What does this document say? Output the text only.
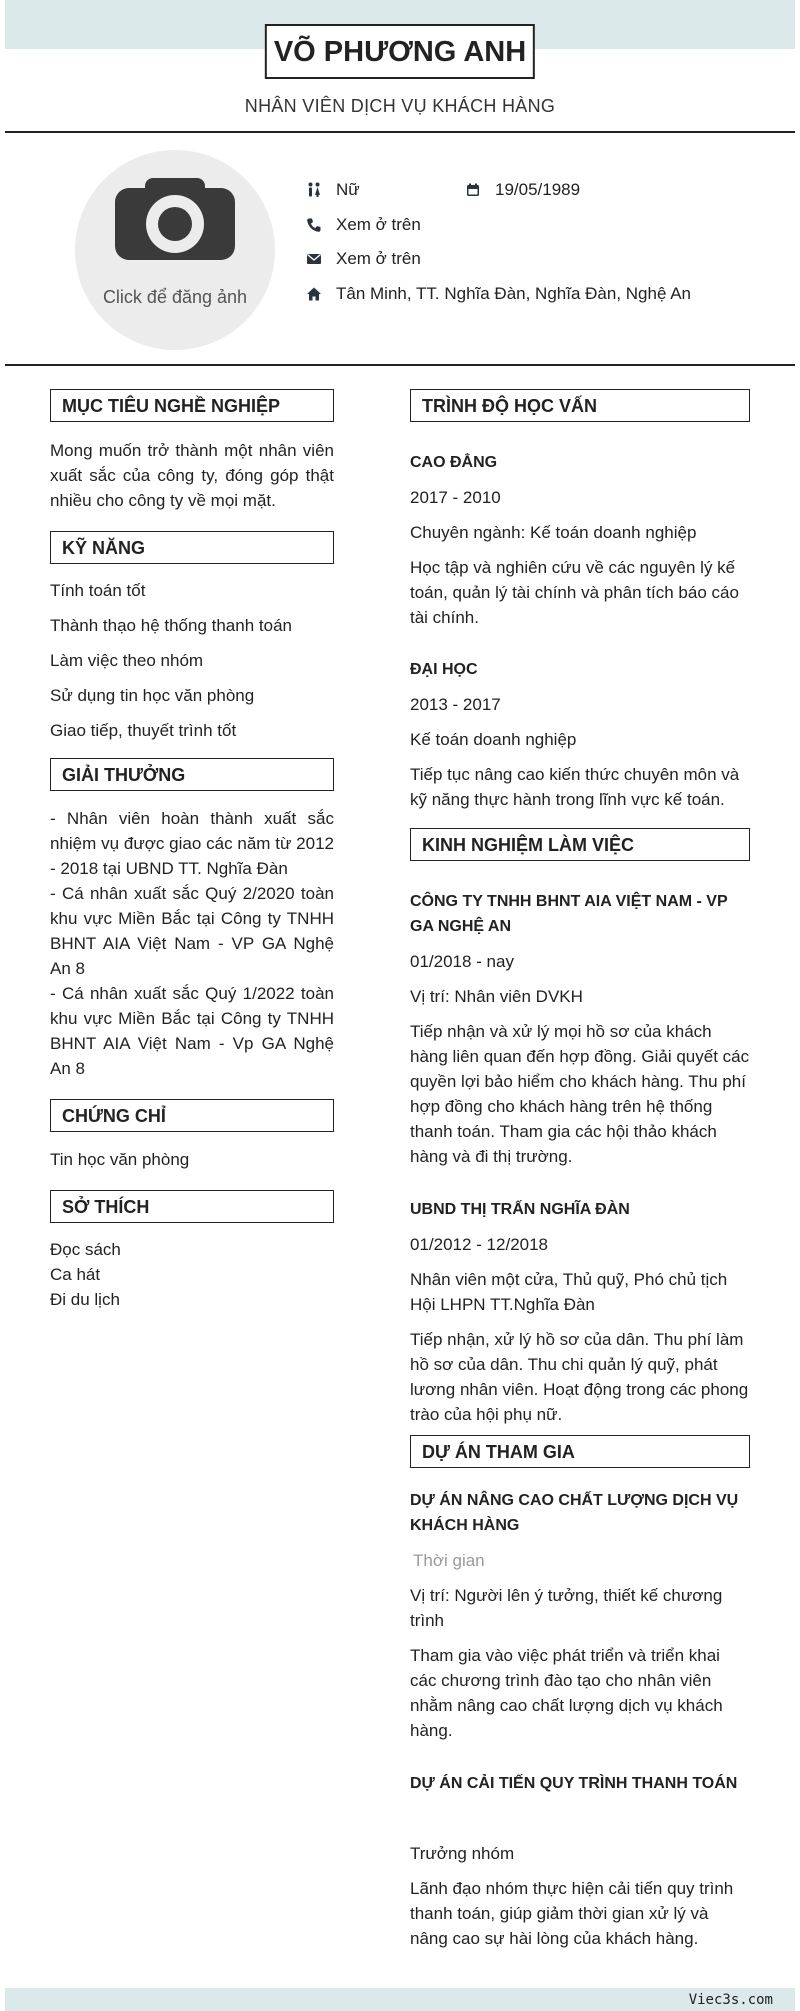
VÕ PHƯƠNG ANH
NHÂN VIÊN DỊCH VỤ KHÁCH HÀNG
Click để đăng ảnh
Nữ	19/05/1989
Xem ở trên
Xem ở trên
Tân Minh, TT. Nghĩa Đàn, Nghĩa Đàn, Nghệ An
MỤC TIÊU NGHỀ NGHIỆP
Mong muốn trở thành một nhân viên xuất sắc của công ty, đóng góp thật nhiều cho công ty về mọi mặt.
KỸ NĂNG
Tính toán tốt
Thành thạo hệ thống thanh toán
Làm việc theo nhóm
Sử dụng tin học văn phòng
Giao tiếp, thuyết trình tốt
GIẢI THƯỞNG
- Nhân viên hoàn thành xuất sắc nhiệm vụ được giao các năm từ 2012 - 2018 tại UBND TT. Nghĩa Đàn
- Cá nhân xuất sắc Quý 2/2020 toàn khu vực Miền Bắc tại Công ty TNHH BHNT AIA Việt Nam - VP GA Nghệ An 8
- Cá nhân xuất sắc Quý 1/2022 toàn khu vực Miền Bắc tại Công ty TNHH BHNT AIA Việt Nam - Vp GA Nghệ An 8
CHỨNG CHỈ
Tin học văn phòng
SỞ THÍCH
Đọc sách
Ca hát
Đi du lịch
TRÌNH ĐỘ HỌC VẤN
CAO ĐẲNG
2017 - 2010
Chuyên ngành: Kế toán doanh nghiệp
Học tập và nghiên cứu về các nguyên lý kế toán, quản lý tài chính và phân tích báo cáo tài chính.
ĐẠI HỌC
2013 - 2017
Kế toán doanh nghiệp
Tiếp tục nâng cao kiến thức chuyên môn và kỹ năng thực hành trong lĩnh vực kế toán.
KINH NGHIỆM LÀM VIỆC
CÔNG TY TNHH BHNT AIA VIỆT NAM - VP GA NGHỆ AN
01/2018 - nay
Vị trí: Nhân viên DVKH
Tiếp nhận và xử lý mọi hồ sơ của khách hàng liên quan đến hợp đồng. Giải quyết các quyền lợi bảo hiểm cho khách hàng. Thu phí hợp đồng cho khách hàng trên hệ thống thanh toán. Tham gia các hội thảo khách hàng và đi thị trường.
UBND THỊ TRẤN NGHĨA ĐÀN
01/2012 - 12/2018
Nhân viên một cửa, Thủ quỹ, Phó chủ tịch Hội LHPN TT.Nghĩa Đàn
Tiếp nhận, xử lý hồ sơ của dân. Thu phí làm hồ sơ của dân. Thu chi quản lý quỹ, phát lương nhân viên. Hoạt động trong các phong trào của hội phụ nữ.
DỰ ÁN THAM GIA
DỰ ÁN NÂNG CAO CHẤT LƯỢNG DỊCH VỤ KHÁCH HÀNG
Thời gian
Vị trí: Người lên ý tưởng, thiết kế chương trình
Tham gia vào việc phát triển và triển khai các chương trình đào tạo cho nhân viên nhằm nâng cao chất lượng dịch vụ khách hàng.
DỰ ÁN CẢI TIẾN QUY TRÌNH THANH TOÁN
Trưởng nhóm
Lãnh đạo nhóm thực hiện cải tiến quy trình thanh toán, giúp giảm thời gian xử lý và nâng cao sự hài lòng của khách hàng.
Viec3s.com
